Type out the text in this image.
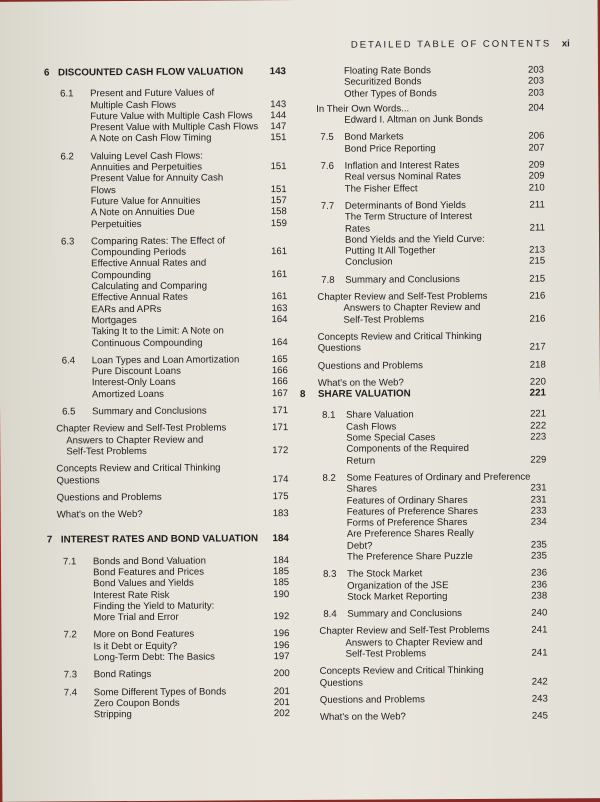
DETAILED TABLE OF CONTENTS xi
6 DISCOUNTED CASH FLOW VALUATION	143
6.1	Present and Future Values of
Multiple Cash Flows	143
Future Value with Multiple Cash Flows	144
Present Value with Multiple Cash Flows	147
A Note on Cash Flow Timing	151
6.2	Valuing Level Cash Flows:
Annuities and Perpetuities	151
Present Value for Annuity Cash
Flows	151
Future Value for Annuities	157
A Note on Annuities Due	158
Perpetuities	159
6.3	Comparing Rates: The Effect of
Compounding Periods	161
Effective Annual Rates and
Compounding	161
Calculating and Comparing
Effective Annual Rates	161
EARs and APRs	163
Mortgages	164
Taking It to the Limit: A Note on
Continuous Compounding	164
6.4	Loan Types and Loan Amortization	165
Pure Discount Loans	166
Interest-Only Loans	166
Amortized Loans	167
6.5	Summary and Conclusions	171
Chapter Review and Self-Test Problems	171
Answers to Chapter Review and
Self-Test Problems	172
Concepts Review and Critical Thinking
Questions	174
Questions and Problems	175
What's on the Web?	183
7 INTEREST RATES AND BOND VALUATION	184
7.1	Bonds and Bond Valuation	184
Bond Features and Prices	185
Bond Values and Yields	185
Interest Rate Risk	190
Finding the Yield to Maturity:
More Trial and Error	192
7.2	More on Bond Features	196
Is it Debt or Equity?	196
Long-Term Debt: The Basics	197
7.3	Bond Ratings	200
7.4	Some Different Types of Bonds	201
Zero Coupon Bonds	201
Stripping	202
Floating Rate Bonds	203
Securitized Bonds	203
Other Types of Bonds	203
In Their Own Words...	204
Edward I. Altman on Junk Bonds
7.5	Bond Markets	206
Bond Price Reporting	207
7.6	Inflation and Interest Rates	209
Real versus Nominal Rates	209
The Fisher Effect	210
7.7	Determinants of Bond Yields	211
The Term Structure of Interest
Rates	211
Bond Yields and the Yield Curve:
Putting It All Together	213
Conclusion	215
7.8	Summary and Conclusions	215
Chapter Review and Self-Test Problems	216
Answers to Chapter Review and
Self-Test Problems	216
Concepts Review and Critical Thinking
Questions	217
Questions and Problems	218
What's on the Web?	220
8	SHARE VALUATION	221
8.1	Share Valuation	221
Cash Flows	222
Some Special Cases	223
Components of the Required
Return	229
8.2	Some Features of Ordinary and Preference
Shares	231
Features of Ordinary Shares	231
Features of Preference Shares	233
Forms of Preference Shares	234
Are Preference Shares Really
Debt?	235
The Preference Share Puzzle	235
8.3	The Stock Market	236
Organization of the JSE	236
Stock Market Reporting	238
8.4	Summary and Conclusions	240
Chapter Review and Self-Test Problems	241
Answers to Chapter Review and
Self-Test Problems	241
Concepts Review and Critical Thinking
Questions	242
Questions and Problems	243
What's on the Web?	245
